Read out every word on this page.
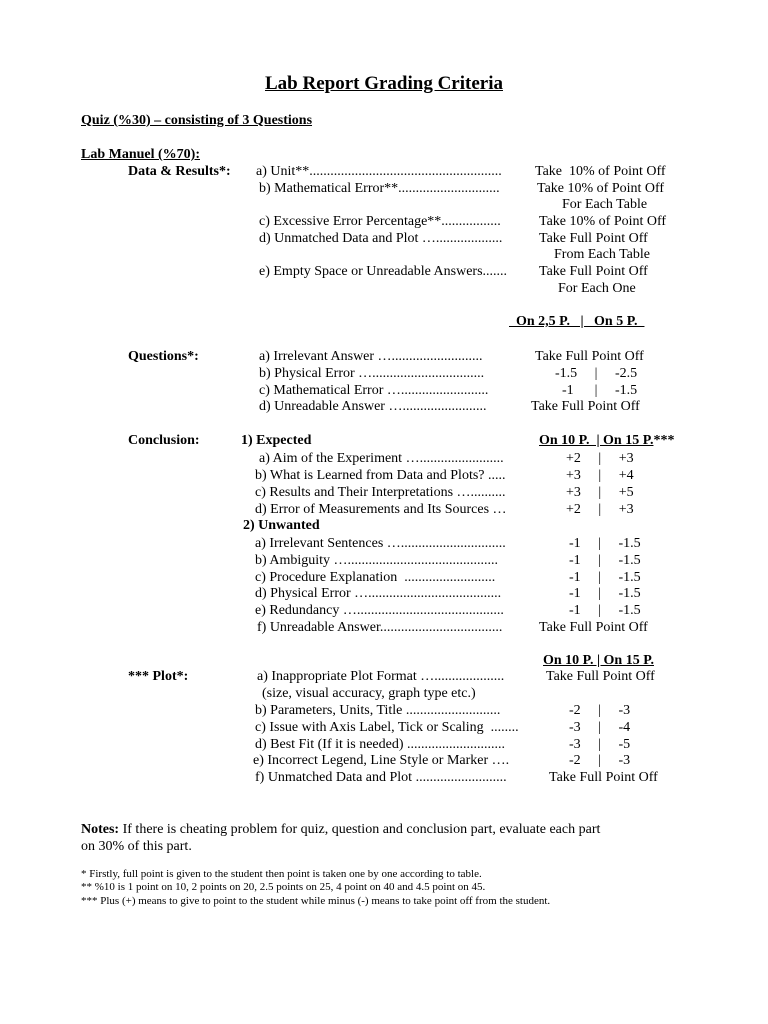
Lab Report Grading Criteria
Quiz (%30) – consisting of 3 Questions
Lab Manuel (%70):
Data & Results*: a) Unit**....................................................... Take  10% of Point Off
b) Mathematical Error**.............................	Take 10% of Point Off
For Each Table
c) Excessive Error Percentage**.................	Take 10% of Point Off
d) Unmatched Data and Plot …...................	Take Full Point Off
From Each Table
e) Empty Space or Unreadable Answers....... Take Full Point Off
For Each One
On 2,5 P.   |   On 5 P.
Questions*:	a) Irrelevant Answer …..........................	Take Full Point Off
b) Physical Error …................................	-1.5     |     -2.5
c) Mathematical Error ….........................	-1      |     -1.5
d) Unreadable Answer …........................	Take Full Point Off
Conclusion:	1) Expected	On 10 P.  | On 15 P.***
a) Aim of the Experiment …........................	+2     |     +3
b) What is Learned from Data and Plots? .....	+3     |     +4
c) Results and Their Interpretations …..........	+3     |     +5
d) Error of Measurements and Its Sources …	+2     |     +3
2) Unwanted
a) Irrelevant Sentences …..............................	-1     |     -1.5
b) Ambiguity …...........................................	-1     |     -1.5
c) Procedure Explanation  ..........................	-1     |     -1.5
d) Physical Error …......................................	-1     |     -1.5
e) Redundancy …..........................................	-1     |     -1.5
f) Unreadable Answer...................................	Take Full Point Off
On 10 P. | On 15 P.
*** Plot*:	a) Inappropriate Plot Format …....................	Take Full Point Off
(size, visual accuracy, graph type etc.)
b) Parameters, Units, Title ...........................	-2     |     -3
c) Issue with Axis Label, Tick or Scaling  ........	-3     |     -4
d) Best Fit (If it is needed) ............................	-3     |     -5
e) Incorrect Legend, Line Style or Marker ….	-2     |     -3
f) Unmatched Data and Plot ..........................	Take Full Point Off
Notes: If there is cheating problem for quiz, question and conclusion part, evaluate each part
on 30% of this part.
* Firstly, full point is given to the student then point is taken one by one according to table.
** %10 is 1 point on 10, 2 points on 20, 2.5 points on 25, 4 point on 40 and 4.5 point on 45.
*** Plus (+) means to give to point to the student while minus (-) means to take point off from the student.
